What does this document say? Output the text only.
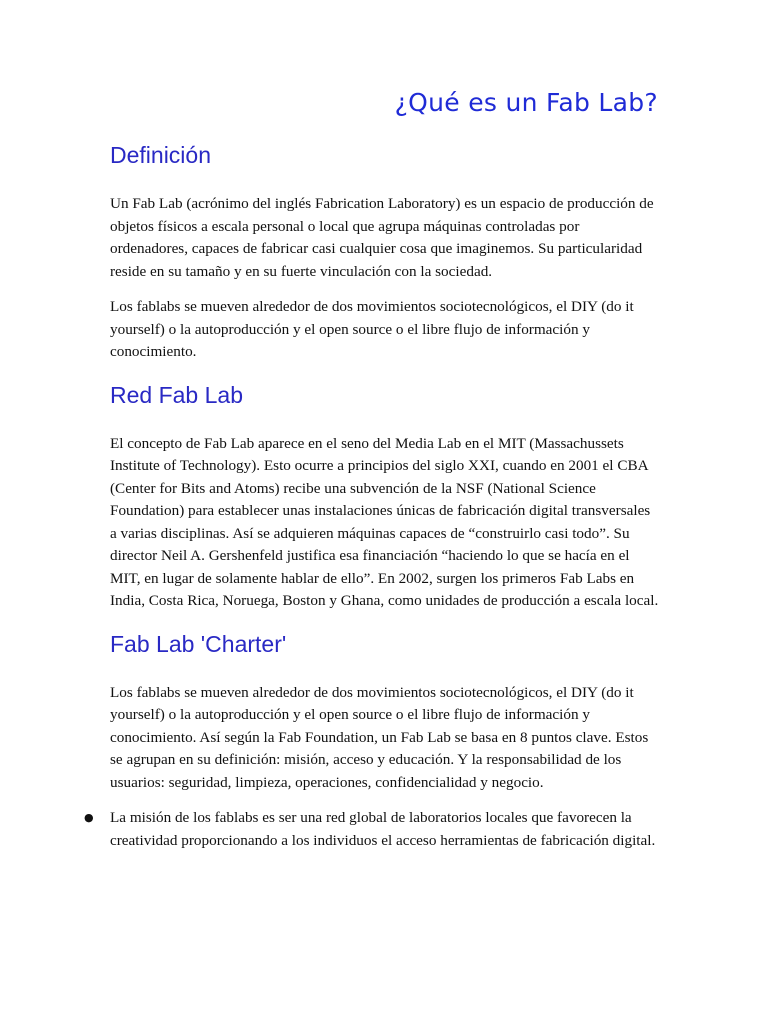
¿Qué es un Fab Lab?
Definición

Un Fab Lab (acrónimo del inglés Fabrication Laboratory) es un espacio de producción de objetos físicos a escala personal o local que agrupa máquinas controladas por ordenadores, capaces de fabricar casi cualquier cosa que imaginemos. Su particularidad reside en su tamaño y en su fuerte vinculación con la sociedad.

Los fablabs se mueven alrededor de dos movimientos sociotecnológicos, el DIY (do it yourself) o la autoproducción y el open source o el libre flujo de información y conocimiento.

Red Fab Lab

El concepto de Fab Lab aparece en el seno del Media Lab en el MIT (Massachussets Institute of Technology). Esto ocurre a principios del siglo XXI, cuando en 2001 el CBA (Center for Bits and Atoms) recibe una subvención de la NSF (National Science Foundation) para establecer unas instalaciones únicas de fabricación digital transversales a varias disciplinas. Así se adquieren máquinas capaces de “construirlo casi todo”. Su director Neil A. Gershenfeld justifica esa financiación “haciendo lo que se hacía en el MIT, en lugar de solamente hablar de ello”. En 2002, surgen los primeros Fab Labs en India, Costa Rica, Noruega, Boston y Ghana, como unidades de producción a escala local.

Fab Lab 'Charter'

Los fablabs se mueven alrededor de dos movimientos sociotecnológicos, el DIY (do it yourself) o la autoproducción y el open source o el libre flujo de información y conocimiento. Así según la Fab Foundation, un Fab Lab se basa en 8 puntos clave. Estos se agrupan en su definición: misión, acceso y educación. Y la responsabilidad de los usuarios: seguridad, limpieza, operaciones, confidencialidad y negocio.

● La misión de los fablabs es ser una red global de laboratorios locales que favorecen la creatividad proporcionando a los individuos el acceso herramientas de fabricación digital.
